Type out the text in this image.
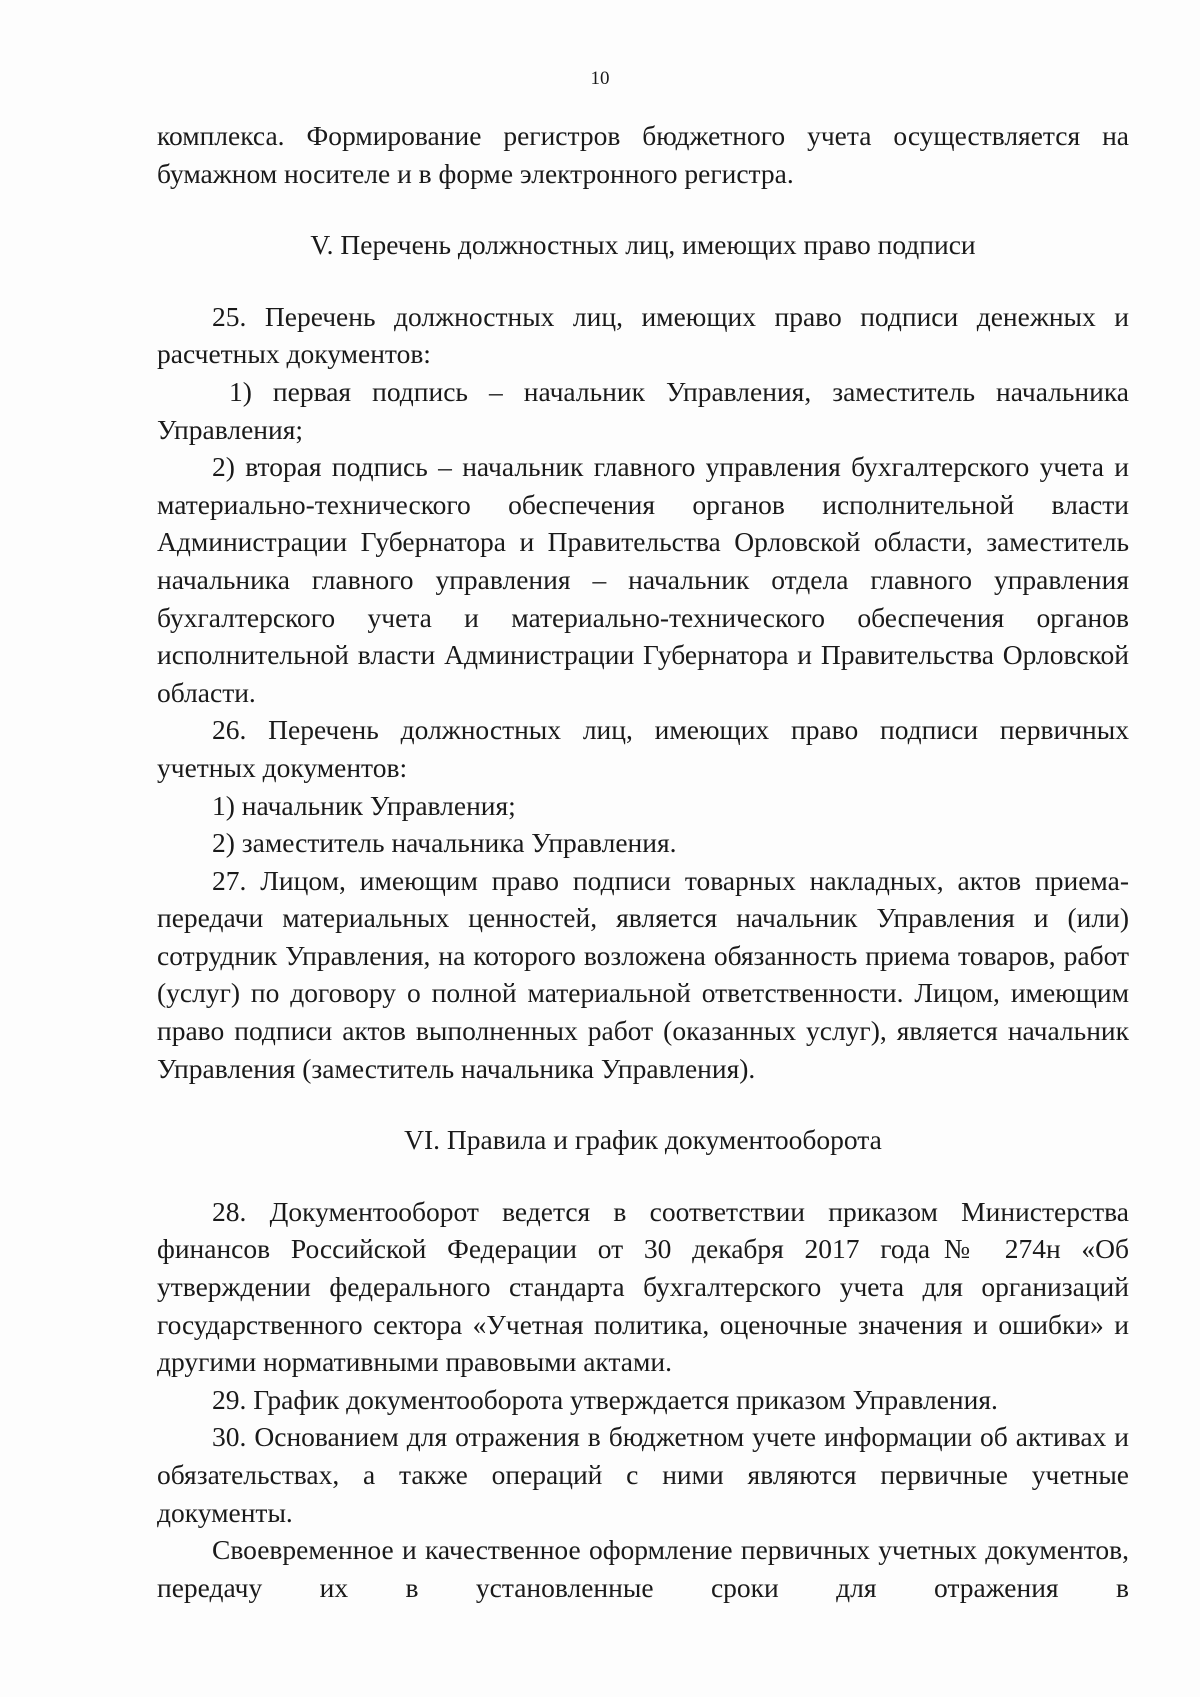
10

комплекса. Формирование регистров бюджетного учета осуществляется на бумажном носителе и в форме электронного регистра.

V. Перечень должностных лиц, имеющих право подписи

25. Перечень должностных лиц, имеющих право подписи денежных и расчетных документов:

1) первая подпись – начальник Управления, заместитель начальника Управления;

2) вторая подпись – начальник главного управления бухгалтерского учета и материально-технического обеспечения органов исполнительной власти Администрации Губернатора и Правительства Орловской области, заместитель начальника главного управления – начальник отдела главного управления бухгалтерского учета и материально-технического обеспечения органов исполнительной власти Администрации Губернатора и Правительства Орловской области.

26. Перечень должностных лиц, имеющих право подписи первичных учетных документов:

1) начальник Управления;

2) заместитель начальника Управления.

27. Лицом, имеющим право подписи товарных накладных, актов приема-передачи материальных ценностей, является начальник Управления и (или) сотрудник Управления, на которого возложена обязанность приема товаров, работ (услуг) по договору о полной материальной ответственности. Лицом, имеющим право подписи актов выполненных работ (оказанных услуг), является начальник Управления (заместитель начальника Управления).

VI. Правила и график документооборота

28. Документооборот ведется в соответствии приказом Министерства финансов Российской Федерации от 30 декабря 2017 года№ 274н «Об утверждении федерального стандарта бухгалтерского учета для организаций государственного сектора «Учетная политика, оценочные значения и ошибки» и другими нормативными правовыми актами.

29. График документооборота утверждается приказом Управления.

30. Основанием для отражения в бюджетном учете информации об активах и обязательствах, а также операций с ними являются первичные учетные документы.

Своевременное и качественное оформление первичных учетных документов, передачу их в установленные сроки для отражения в
